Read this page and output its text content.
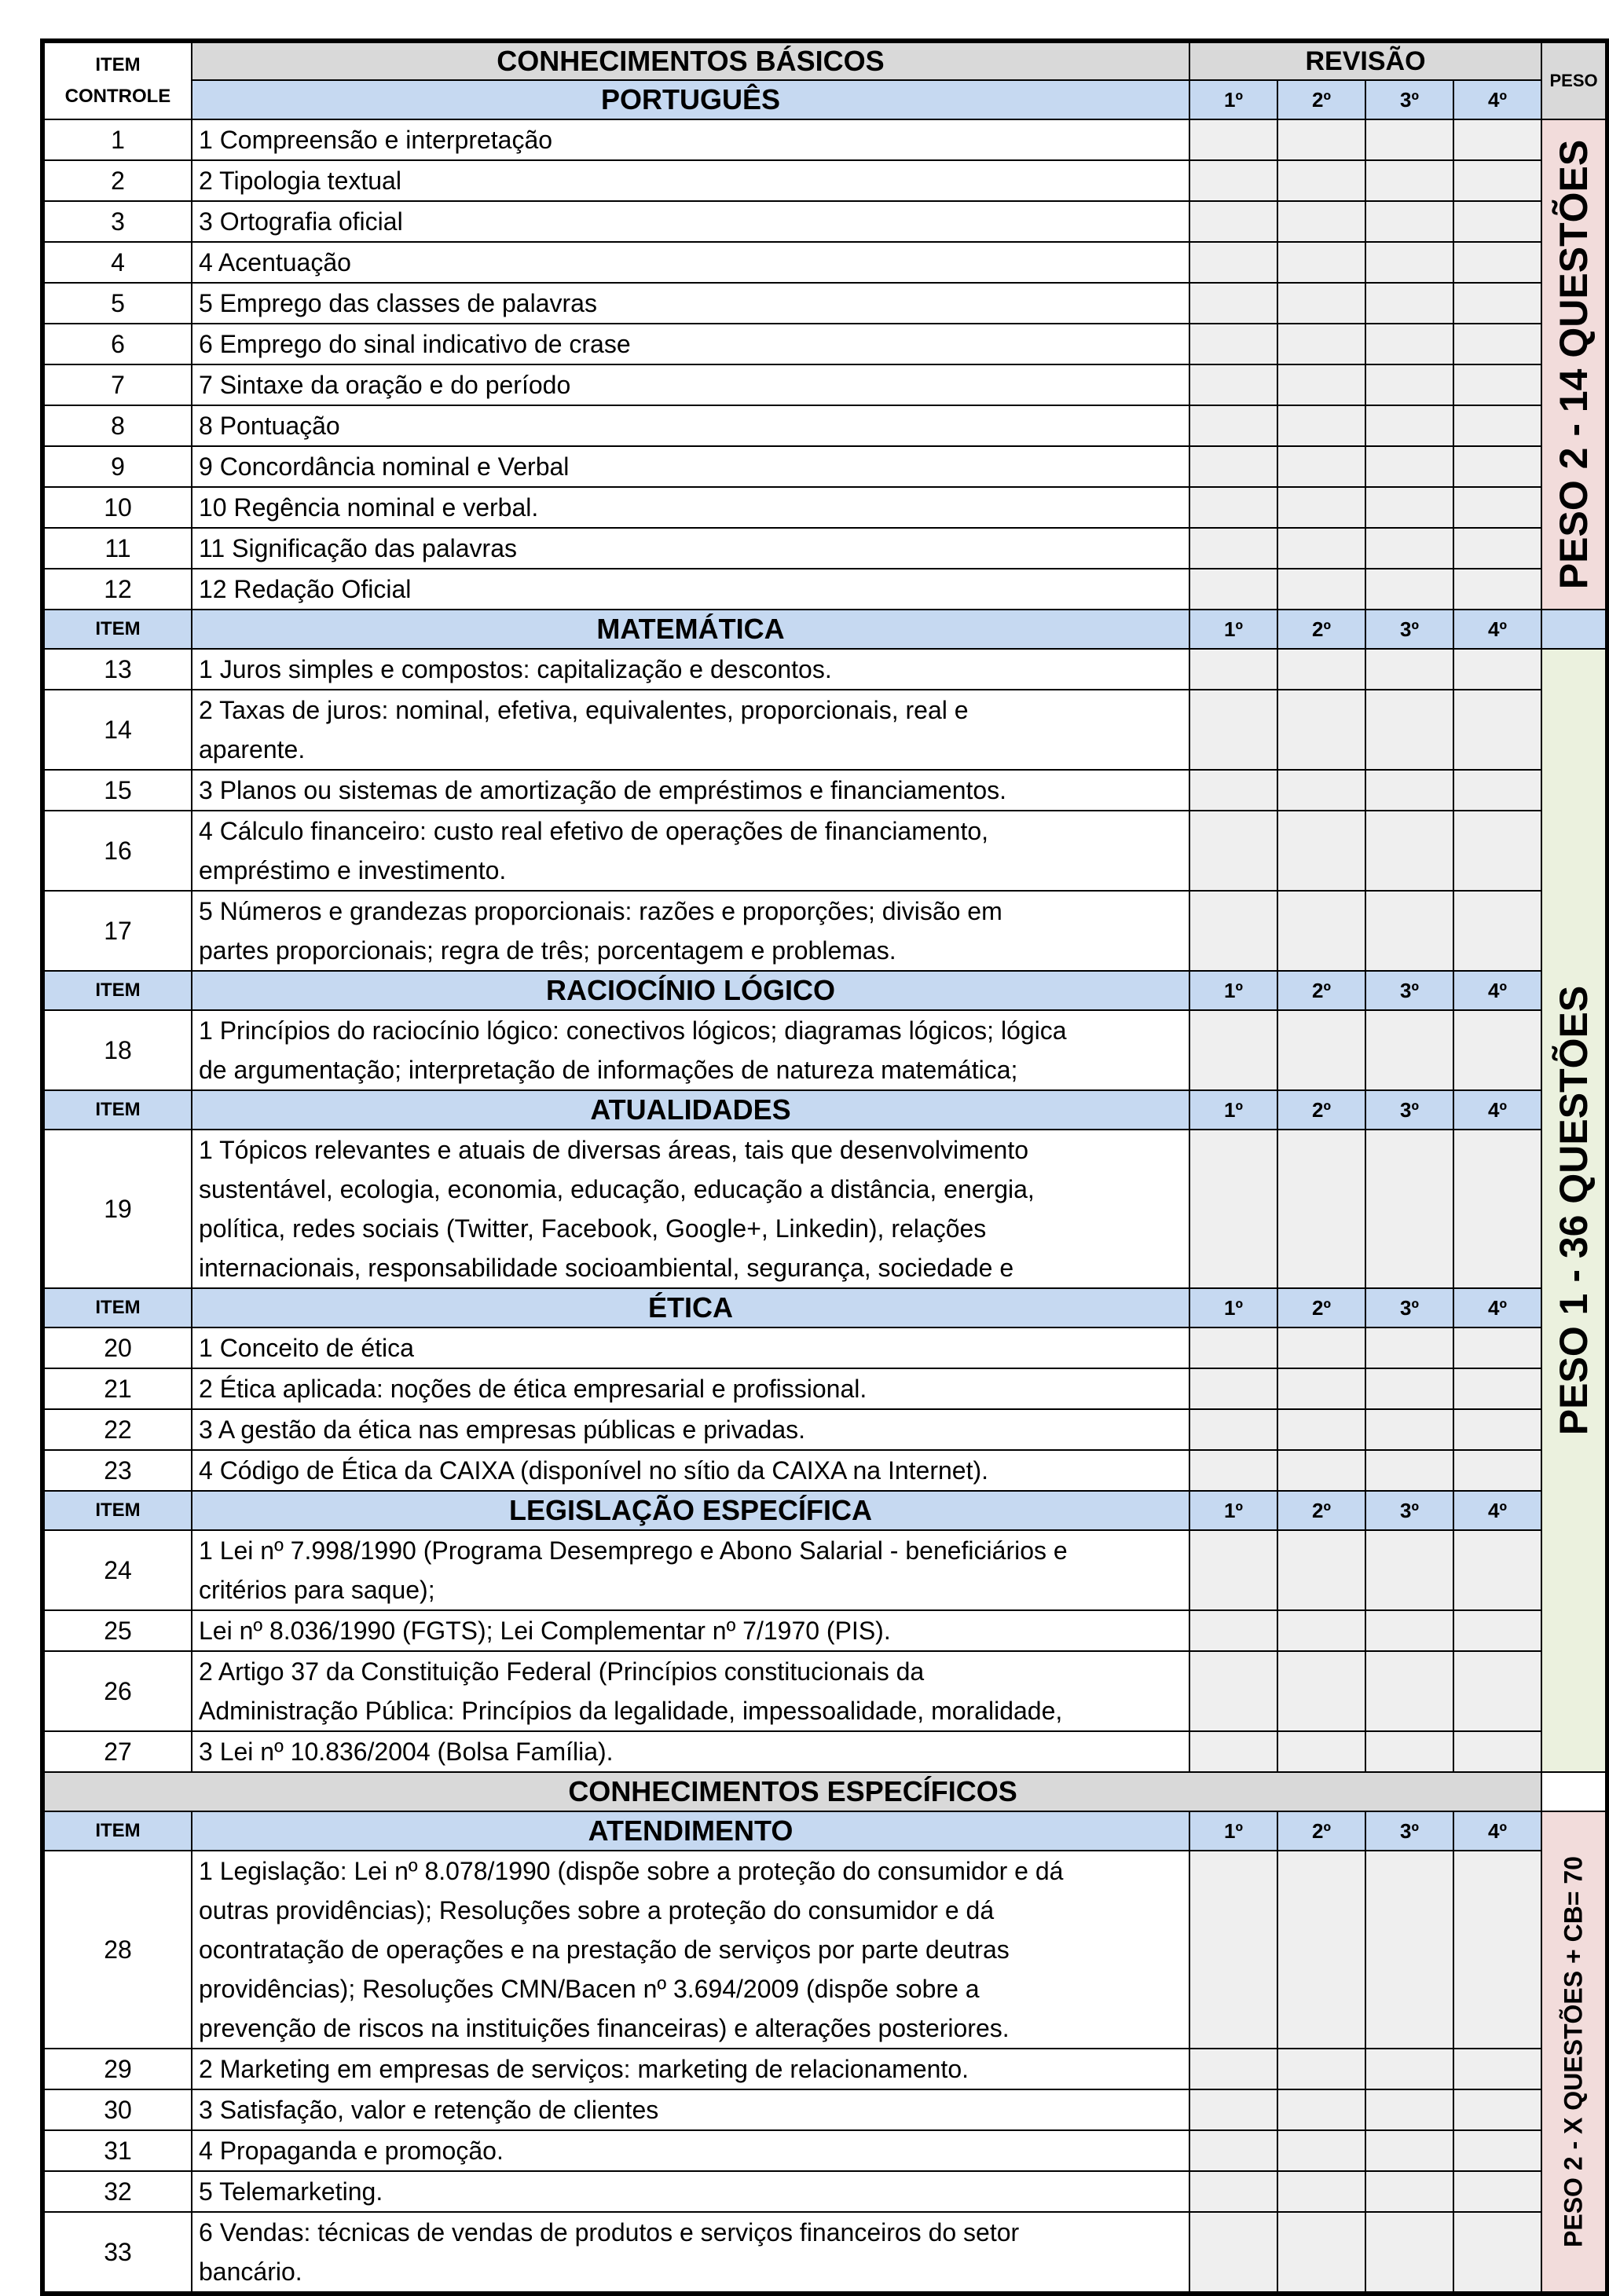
ITEM
CONTROLE	CONHECIMENTOS BÁSICOS	REVISÃO				PESO
	PORTUGUÊS	1º	2º	3º	4º	
1	1 Compreensão e interpretação					PESO 2 - 14 QUESTÕES

2	2 Tipologia textual					
3	3 Ortografia oficial					
4	4 Acentuação					
5	5 Emprego das classes de palavras					
6	6 Emprego do sinal indicativo de crase					
7	7 Sintaxe da oração e do período					
8	8 Pontuação					
9	9 Concordância nominal e Verbal					
10	10 Regência nominal e verbal.					
11	11 Significação das palavras					
12	12 Redação Oficial					
ITEM	MATEMÁTICA	1º	2º	3º	4º	
13	1 Juros simples e compostos: capitalização e descontos.					PESO 1 - 36 QUESTÕES

14	2 Taxas de juros: nominal, efetiva, equivalentes, proporcionais, real e
aparente.					
15	3 Planos ou sistemas de amortização de empréstimos e financiamentos.					
16	4 Cálculo financeiro: custo real efetivo de operações de financiamento,
empréstimo e investimento.					
17	5 Números e grandezas proporcionais: razões e proporções; divisão em
partes proporcionais; regra de três; porcentagem e problemas.					
ITEM	RACIOCÍNIO LÓGICO	1º	2º	3º	4º	
18	1 Princípios do raciocínio lógico: conectivos lógicos; diagramas lógicos; lógica
de argumentação; interpretação de informações de natureza matemática;					
ITEM	ATUALIDADES	1º	2º	3º	4º	
19	1 Tópicos relevantes e atuais de diversas áreas, tais que desenvolvimento
sustentável, ecologia, economia, educação, educação a distância, energia,
política, redes sociais (Twitter, Facebook, Google+, Linkedin), relações
internacionais, responsabilidade socioambiental, segurança, sociedade e					
ITEM	ÉTICA	1º	2º	3º	4º	
20	1 Conceito de ética					
21	2 Ética aplicada: noções de ética empresarial e profissional.					
22	3 A gestão da ética nas empresas públicas e privadas.					
23	4 Código de Ética da CAIXA (disponível no sítio da CAIXA na Internet).					
ITEM	LEGISLAÇÃO ESPECÍFICA	1º	2º	3º	4º	
24	1 Lei nº 7.998/1990 (Programa Desemprego e Abono Salarial - beneficiários e
critérios para saque);					
25	Lei nº 8.036/1990 (FGTS); Lei Complementar nº 7/1970 (PIS).					
26	2 Artigo 37 da Constituição Federal (Princípios constitucionais da
Administração Pública: Princípios da legalidade, impessoalidade, moralidade,					
27	3 Lei nº 10.836/2004 (Bolsa Família).					
CONHECIMENTOS ESPECÍFICOS						
ITEM	ATENDIMENTO	1º	2º	3º	4º	PESO 2 - X QUESTÕES + CB= 70

28	1 Legislação: Lei nº 8.078/1990 (dispõe sobre a proteção do consumidor e dá
outras providências); Resoluções sobre a proteção do consumidor e dá
ocontratação de operações e na prestação de serviços por parte deutras
providências); Resoluções CMN/Bacen nº 3.694/2009 (dispõe sobre a
prevenção de riscos na instituições financeiras) e alterações posteriores.					
29	2 Marketing em empresas de serviços: marketing de relacionamento.					
30	3 Satisfação, valor e retenção de clientes					
31	4 Propaganda e promoção.					
32	5 Telemarketing.					
33	6 Vendas: técnicas de vendas de produtos e serviços financeiros do setor
bancário.					
